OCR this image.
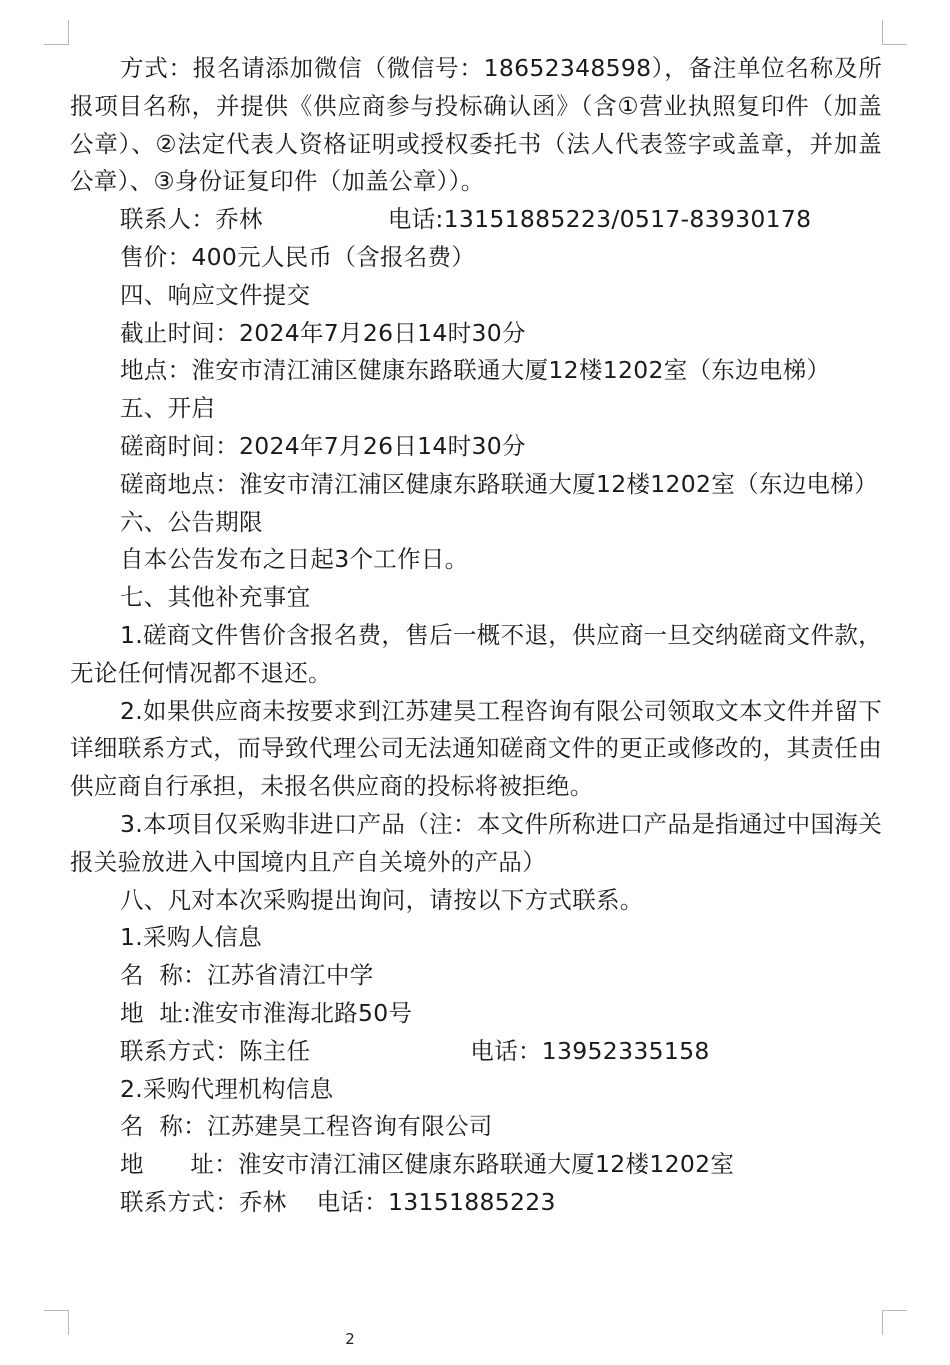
方式：报名请添加微信（微信号：18652348598），备注单位名称及所报项目名称，并提供《供应商参与投标确认函》（含①营业执照复印件（加盖公章）、②法定代表人资格证明或授权委托书（法人代表签字或盖章，并加盖公章）、③身份证复印件（加盖公章））。

联系人：乔林	电话:13151885223/0517-83930178

售价：400元人民币（含报名费）

四、响应文件提交

截止时间：2024年7月26日14时30分

地点：淮安市清江浦区健康东路联通大厦12楼1202室（东边电梯）

五、开启

磋商时间：2024年7月26日14时30分

磋商地点：淮安市清江浦区健康东路联通大厦12楼1202室（东边电梯）

六、公告期限

自本公告发布之日起3个工作日。

七、其他补充事宜

1.磋商文件售价含报名费，售后一概不退，供应商一旦交纳磋商文件款，无论任何情况都不退还。

2.如果供应商未按要求到江苏建昊工程咨询有限公司领取文本文件并留下详细联系方式，而导致代理公司无法通知磋商文件的更正或修改的，其责任由供应商自行承担，未报名供应商的投标将被拒绝。

3.本项目仅采购非进口产品（注：本文件所称进口产品是指通过中国海关报关验放进入中国境内且产自关境外的产品）

八、凡对本次采购提出询问，请按以下方式联系。

1.采购人信息

名  称：江苏省清江中学

地  址:淮安市淮海北路50号

联系方式：陈主任	电话：13952335158

2.采购代理机构信息

名  称：江苏建昊工程咨询有限公司

地      址：淮安市清江浦区健康东路联通大厦12楼1202室

联系方式：乔林 电话：13151885223

2
